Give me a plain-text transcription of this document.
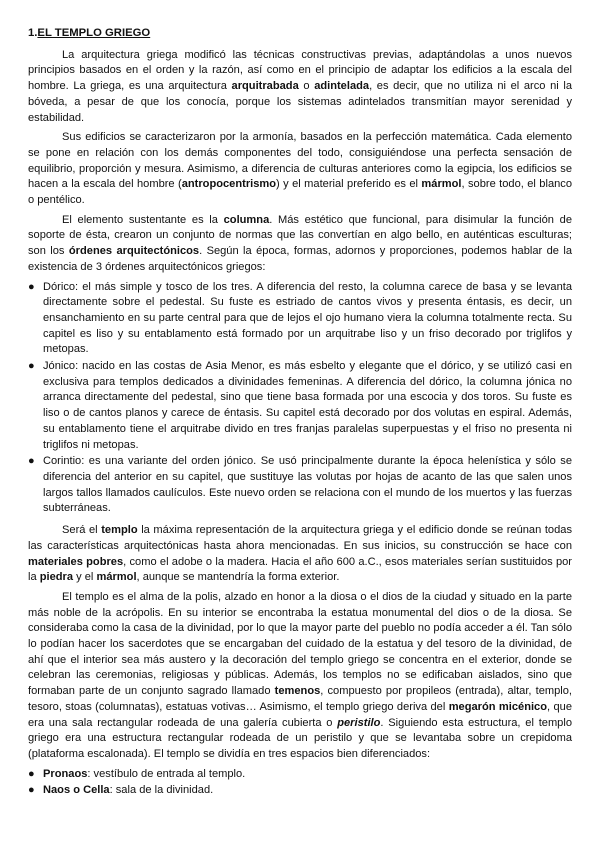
1.EL TEMPLO GRIEGO

La arquitectura griega modificó las técnicas constructivas previas, adaptándolas a unos nuevos principios basados en el orden y la razón, así como en el principio de adaptar los edificios a la escala del hombre. La griega, es una arquitectura arquitrabada o adintelada, es decir, que no utiliza ni el arco ni la bóveda, a pesar de que los conocía, porque los sistemas adintelados transmitían mayor serenidad y estabilidad.

Sus edificios se caracterizaron por la armonía, basados en la perfección matemática. Cada elemento se pone en relación con los demás componentes del todo, consiguiéndose una perfecta sensación de equilibrio, proporción y mesura. Asimismo, a diferencia de culturas anteriores como la egipcia, los edificios se hacen a la escala del hombre (antropocentrismo) y el material preferido es el mármol, sobre todo, el blanco o pentélico.

El elemento sustentante es la columna. Más estético que funcional, para disimular la función de soporte de ésta, crearon un conjunto de normas que las convertían en algo bello, en auténticas esculturas; son los órdenes arquitectónicos. Según la época, formas, adornos y proporciones, podemos hablar de la existencia de 3 órdenes arquitectónicos griegos:

● Dórico: el más simple y tosco de los tres. A diferencia del resto, la columna carece de basa y se levanta directamente sobre el pedestal. Su fuste es estriado de cantos vivos y presenta éntasis, es decir, un ensanchamiento en su parte central para que de lejos el ojo humano viera la columna totalmente recta. Su capitel es liso y su entablamento está formado por un arquitrabe liso y un friso decorado por triglifos y metopas.
● Jónico: nacido en las costas de Asia Menor, es más esbelto y elegante que el dórico, y se utilizó casi en exclusiva para templos dedicados a divinidades femeninas. A diferencia del dórico, la columna jónica no arranca directamente del pedestal, sino que tiene basa formada por una escocia y dos toros. Su fuste es liso o de cantos planos y carece de éntasis. Su capitel está decorado por dos volutas en espiral. Además, su entablamento tiene el arquitrabe divido en tres franjas paralelas superpuestas y el friso no presenta ni triglifos ni metopas.
● Corintio: es una variante del orden jónico. Se usó principalmente durante la época helenística y sólo se diferencia del anterior en su capitel, que sustituye las volutas por hojas de acanto de las que salen unos largos tallos llamados caulículos. Este nuevo orden se relaciona con el mundo de los muertos y las fuerzas subterráneas.

Será el templo la máxima representación de la arquitectura griega y el edificio donde se reúnan todas las características arquitectónicas hasta ahora mencionadas. En sus inicios, su construcción se hace con materiales pobres, como el adobe o la madera. Hacia el año 600 a.C., esos materiales serían sustituidos por la piedra y el mármol, aunque se mantendría la forma exterior.

El templo es el alma de la polis, alzado en honor a la diosa o el dios de la ciudad y situado en la parte más noble de la acrópolis. En su interior se encontraba la estatua monumental del dios o de la diosa. Se consideraba como la casa de la divinidad, por lo que la mayor parte del pueblo no podía acceder a él. Tan sólo lo podían hacer los sacerdotes que se encargaban del cuidado de la estatua y del tesoro de la divinidad, de ahí que el interior sea más austero y la decoración del templo griego se concentra en el exterior, donde se celebran las ceremonias, religiosas y públicas. Además, los templos no se edificaban aislados, sino que formaban parte de un conjunto sagrado llamado temenos, compuesto por propileos (entrada), altar, templo, tesoro, stoas (columnatas), estatuas votivas… Asimismo, el templo griego deriva del megarón micénico, que era una sala rectangular rodeada de una galería cubierta o peristilo. Siguiendo esta estructura, el templo griego era una estructura rectangular rodeada de un peristilo y que se levantaba sobre un crepidoma (plataforma escalonada). El templo se dividía en tres espacios bien diferenciados:

● Pronaos: vestíbulo de entrada al templo.
● Naos o Cella: sala de la divinidad.
